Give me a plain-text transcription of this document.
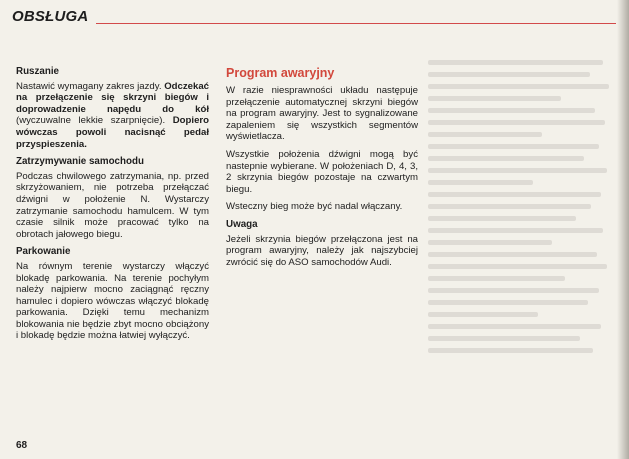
OBSŁUGA
Ruszanie

Nastawić wymagany zakres jazdy. Odczekać na przełączenie się skrzyni biegów i doprowadzenie napędu do kół (wyczuwalne lekkie szarpnięcie). Dopiero wówczas powoli nacisnąć pedał przyspieszenia.

Zatrzymywanie samochodu

Podczas chwilowego zatrzymania, np. przed skrzyżowaniem, nie potrzeba przełączać dźwigni w położenie N. Wystarczy zatrzymanie samochodu hamulcem. W tym czasie silnik może pracować tylko na obrotach jałowego biegu.

Parkowanie

Na równym terenie wystarczy włączyć blokadę parkowania. Na terenie pochyłym należy najpierw mocno zaciągnąć ręczny hamulec i dopiero wówczas włączyć blokadę parkowania. Dzięki temu mechanizm blokowania nie będzie zbyt mocno obciążony i blokadę będzie można łatwiej wyłączyć.

Program awaryjny

W razie niesprawności układu następuje przełączenie automatycznej skrzyni biegów na program awaryjny. Jest to sygnalizowane zapaleniem się wszystkich segmentów wyświetlacza.

Wszystkie położenia dźwigni mogą być nastepnie wybierane. W położeniach D, 4, 3, 2 skrzynia biegów pozostaje na czwartym biegu.

Wsteczny bieg może być nadal włączany.

Uwaga

Jeżeli skrzynia biegów przełączona jest na program awaryjny, należy jak najszybciej zwrócić się do ASO samochodów Audi.

68
